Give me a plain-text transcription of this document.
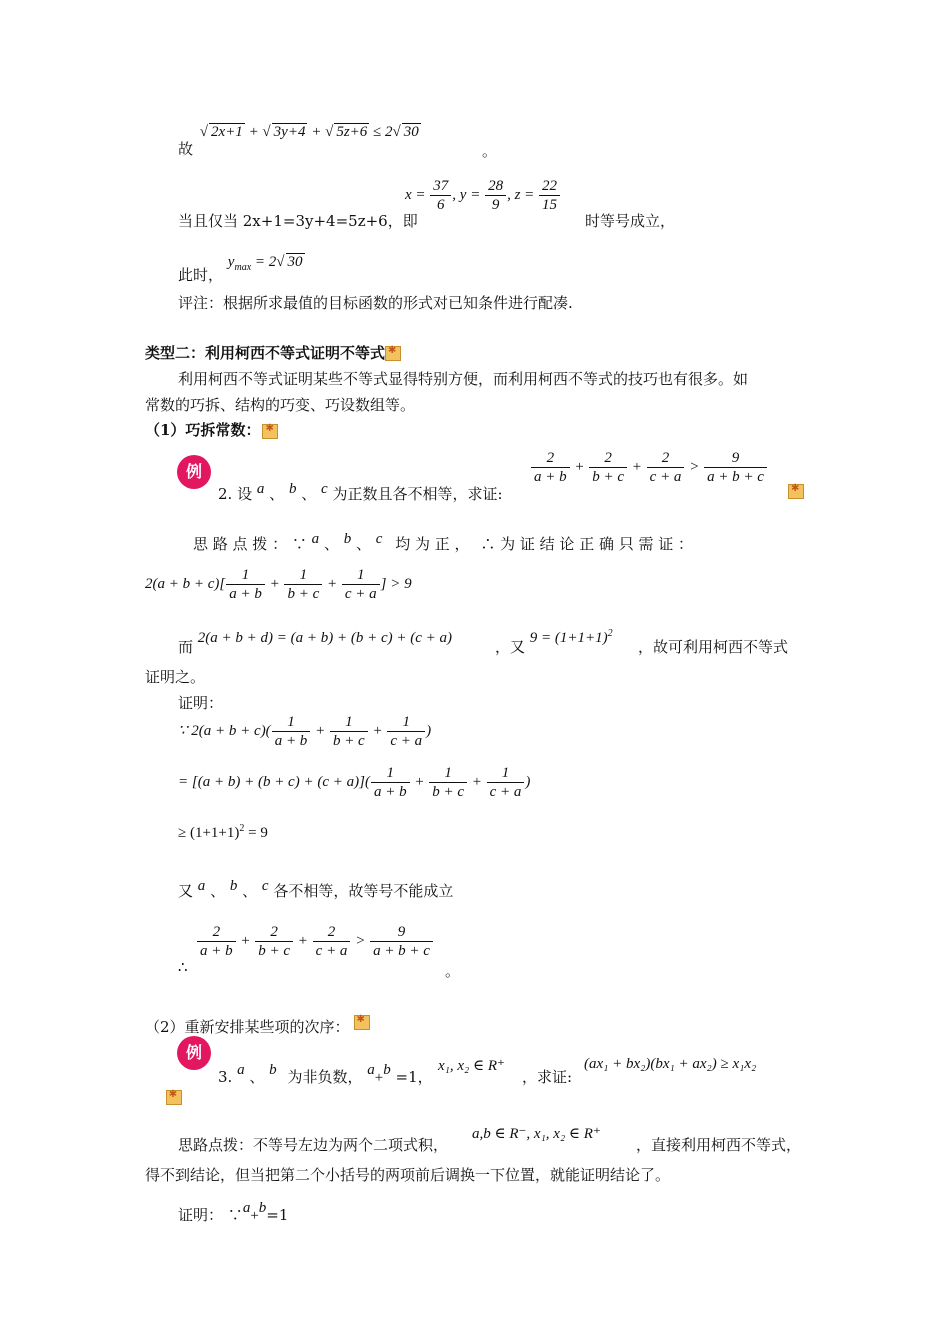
故 √ 2x+1 + √ 3y+4 + √ 5z+6 ≤ 2√ 30
。
当且仅当 2x+1=3y+4=5z+6，即
$x = \frac{37}{6}$ , $y = \frac{28}{9}$ , $z = \frac{22}{15}$
时等号成立，
此时， $y_{max} = 2√$ 30
评注：根据所求最值的目标函数的形式对已知条件进行配凑.
类型二：利用柯西不等式证明不等式✱
利用柯西不等式证明某些不等式显得特别方便，而利用柯西不等式的技巧也有很多。如
常数的巧拆、结构的巧变、巧设数组等。
（1）巧拆常数：✱
例
2. 设 a 、 b 、 c 为正数且各不相等，求证:
$\frac{2}{a + b} + \frac{2}{b + c} + \frac{2}{c + a} > \frac{9}{a + b + c}$
✱
思 路 点 拨 ： ∵ a 、 b 、 c 均 为 正 ， ∴ 为 证 结 论 正 确 只 需 证 ：
$2(a + b + c)[ \frac{1}{a + b} + \frac{1}{b + c} + \frac{1}{c + a}$ ] > 9
而 2(a + b + d) = (a + b) + (b + c) + (c + a)	，又 $9 = (1+1+1)^2$
，故可利用柯西不等式
证明之。
证明：
∵ $2(a + b + c)( \frac{1}{a + b} + \frac{1}{b + c} + \frac{1}{c + a}$ )
= $[(a + b) + (b + c) + (c + a)]( \frac{1}{a + b} + \frac{1}{b + c} + \frac{1}{c + a}$ )
≥ $(1+1+1)^2 = 9$
又 a 、 b 、 c 各不相等，故等号不能成立
$\frac{2}{a + b} + \frac{2}{b + c} + \frac{2}{c + a} > \frac{9}{a + b + c}$
∴	。
（2）重新安排某些项的次序：✱
例
3. a 、 b 为非负数， a+b =1，
x₁, x₂ ∈ R⁺
，求证:
(ax₁ + bx₂)(bx₁ + ax₂) ≥ x₁x₂
✱
思路点拨：不等号左边为两个二项式积，
a,b ∈ R⁻, x₁, x₂ ∈ R⁺
，直接利用柯西不等式，
得不到结论，但当把第二个小括号的两项前后调换一下位置，就能证明结论了。
证明： ∵a+b=1
